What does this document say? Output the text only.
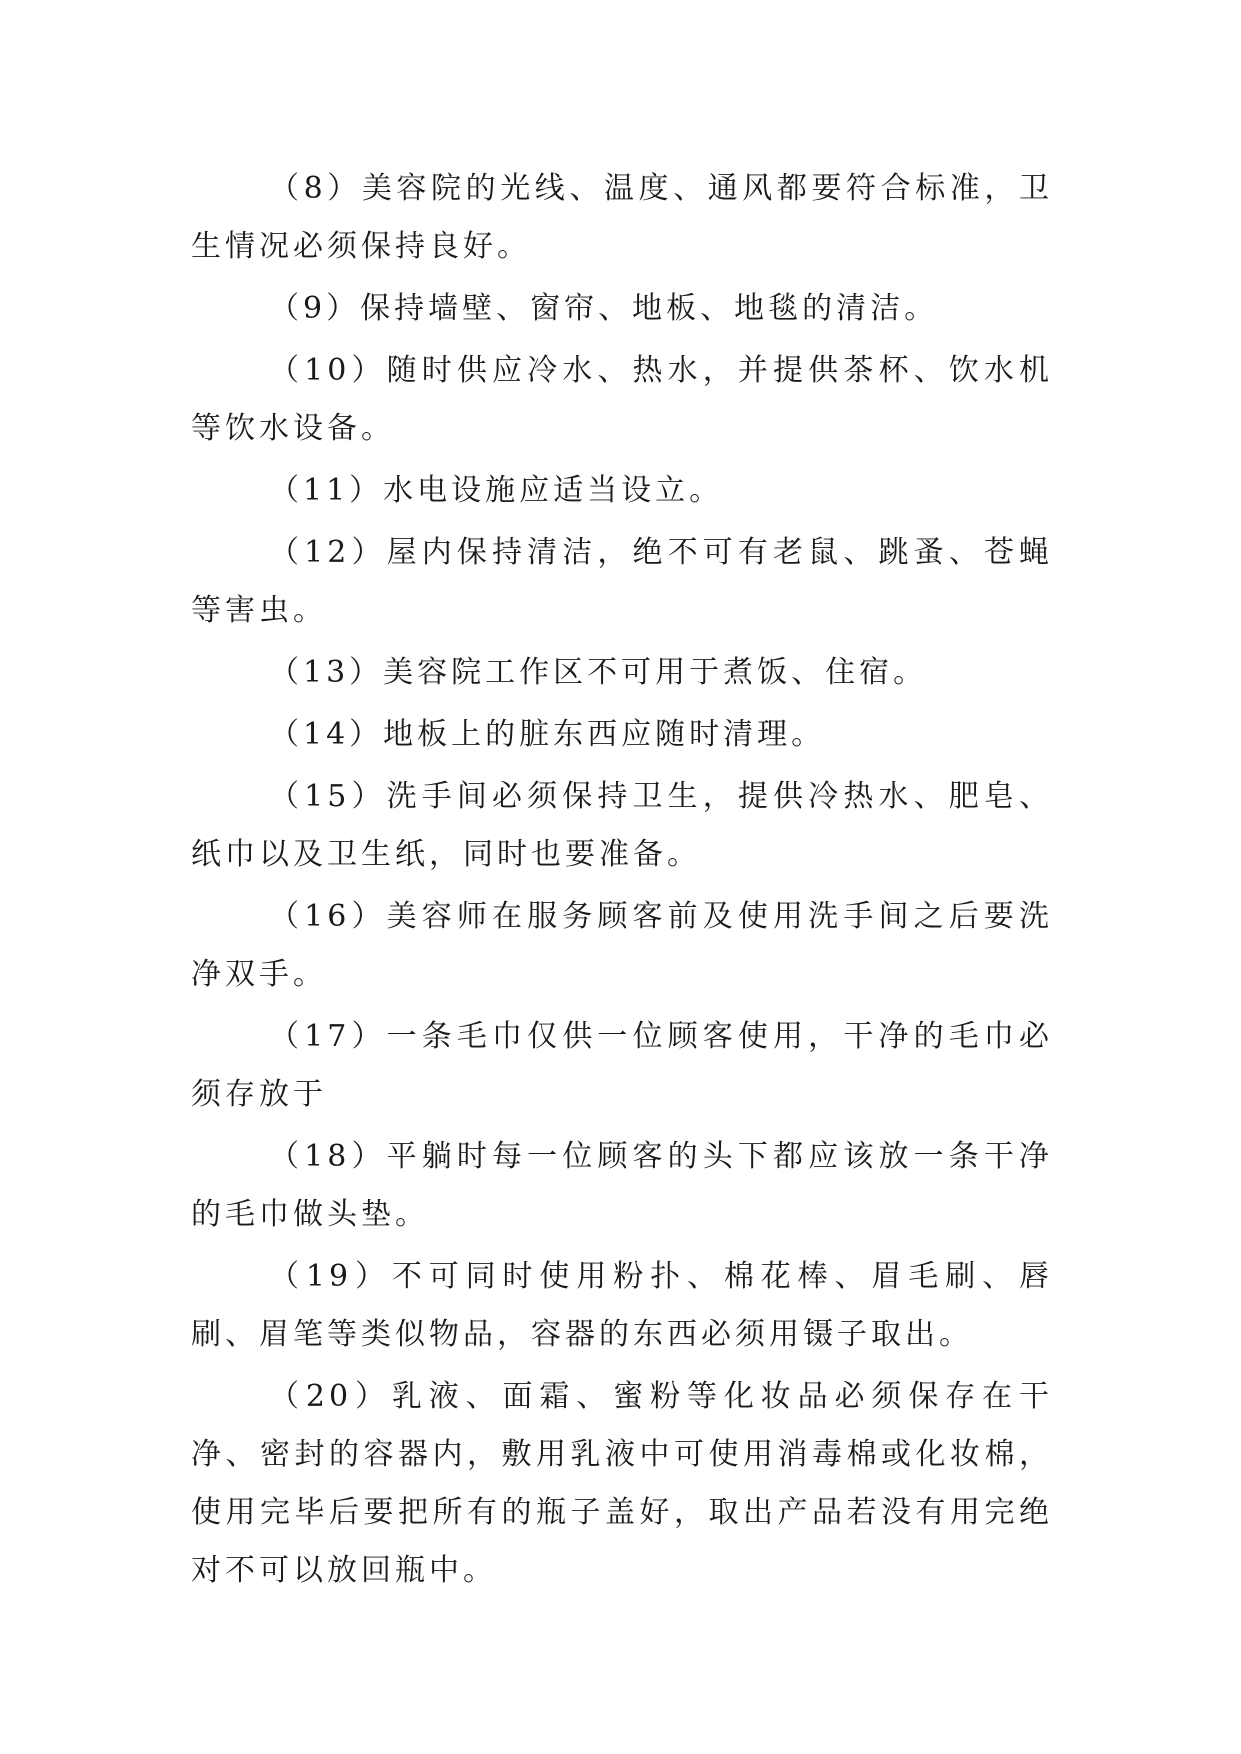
（8）美容院的光线、温度、通风都要符合标准，卫生情况必须保持良好。

（9）保持墙壁、窗帘、地板、地毯的清洁。

（10）随时供应冷水、热水，并提供茶杯、饮水机等饮水设备。

（11）水电设施应适当设立。

（12）屋内保持清洁，绝不可有老鼠、跳蚤、苍蝇等害虫。

（13）美容院工作区不可用于煮饭、住宿。

（14）地板上的脏东西应随时清理。

（15）洗手间必须保持卫生，提供冷热水、肥皂、纸巾以及卫生纸，同时也要准备。

（16）美容师在服务顾客前及使用洗手间之后要洗净双手。

（17）一条毛巾仅供一位顾客使用，干净的毛巾必须存放于

（18）平躺时每一位顾客的头下都应该放一条干净的毛巾做头垫。

（19）不可同时使用粉扑、棉花棒、眉毛刷、唇刷、眉笔等类似物品，容器的东西必须用镊子取出。

（20）乳液、面霜、蜜粉等化妆品必须保存在干净、密封的容器内，敷用乳液中可使用消毒棉或化妆棉，使用完毕后要把所有的瓶子盖好，取出产品若没有用完绝对不可以放回瓶中。
